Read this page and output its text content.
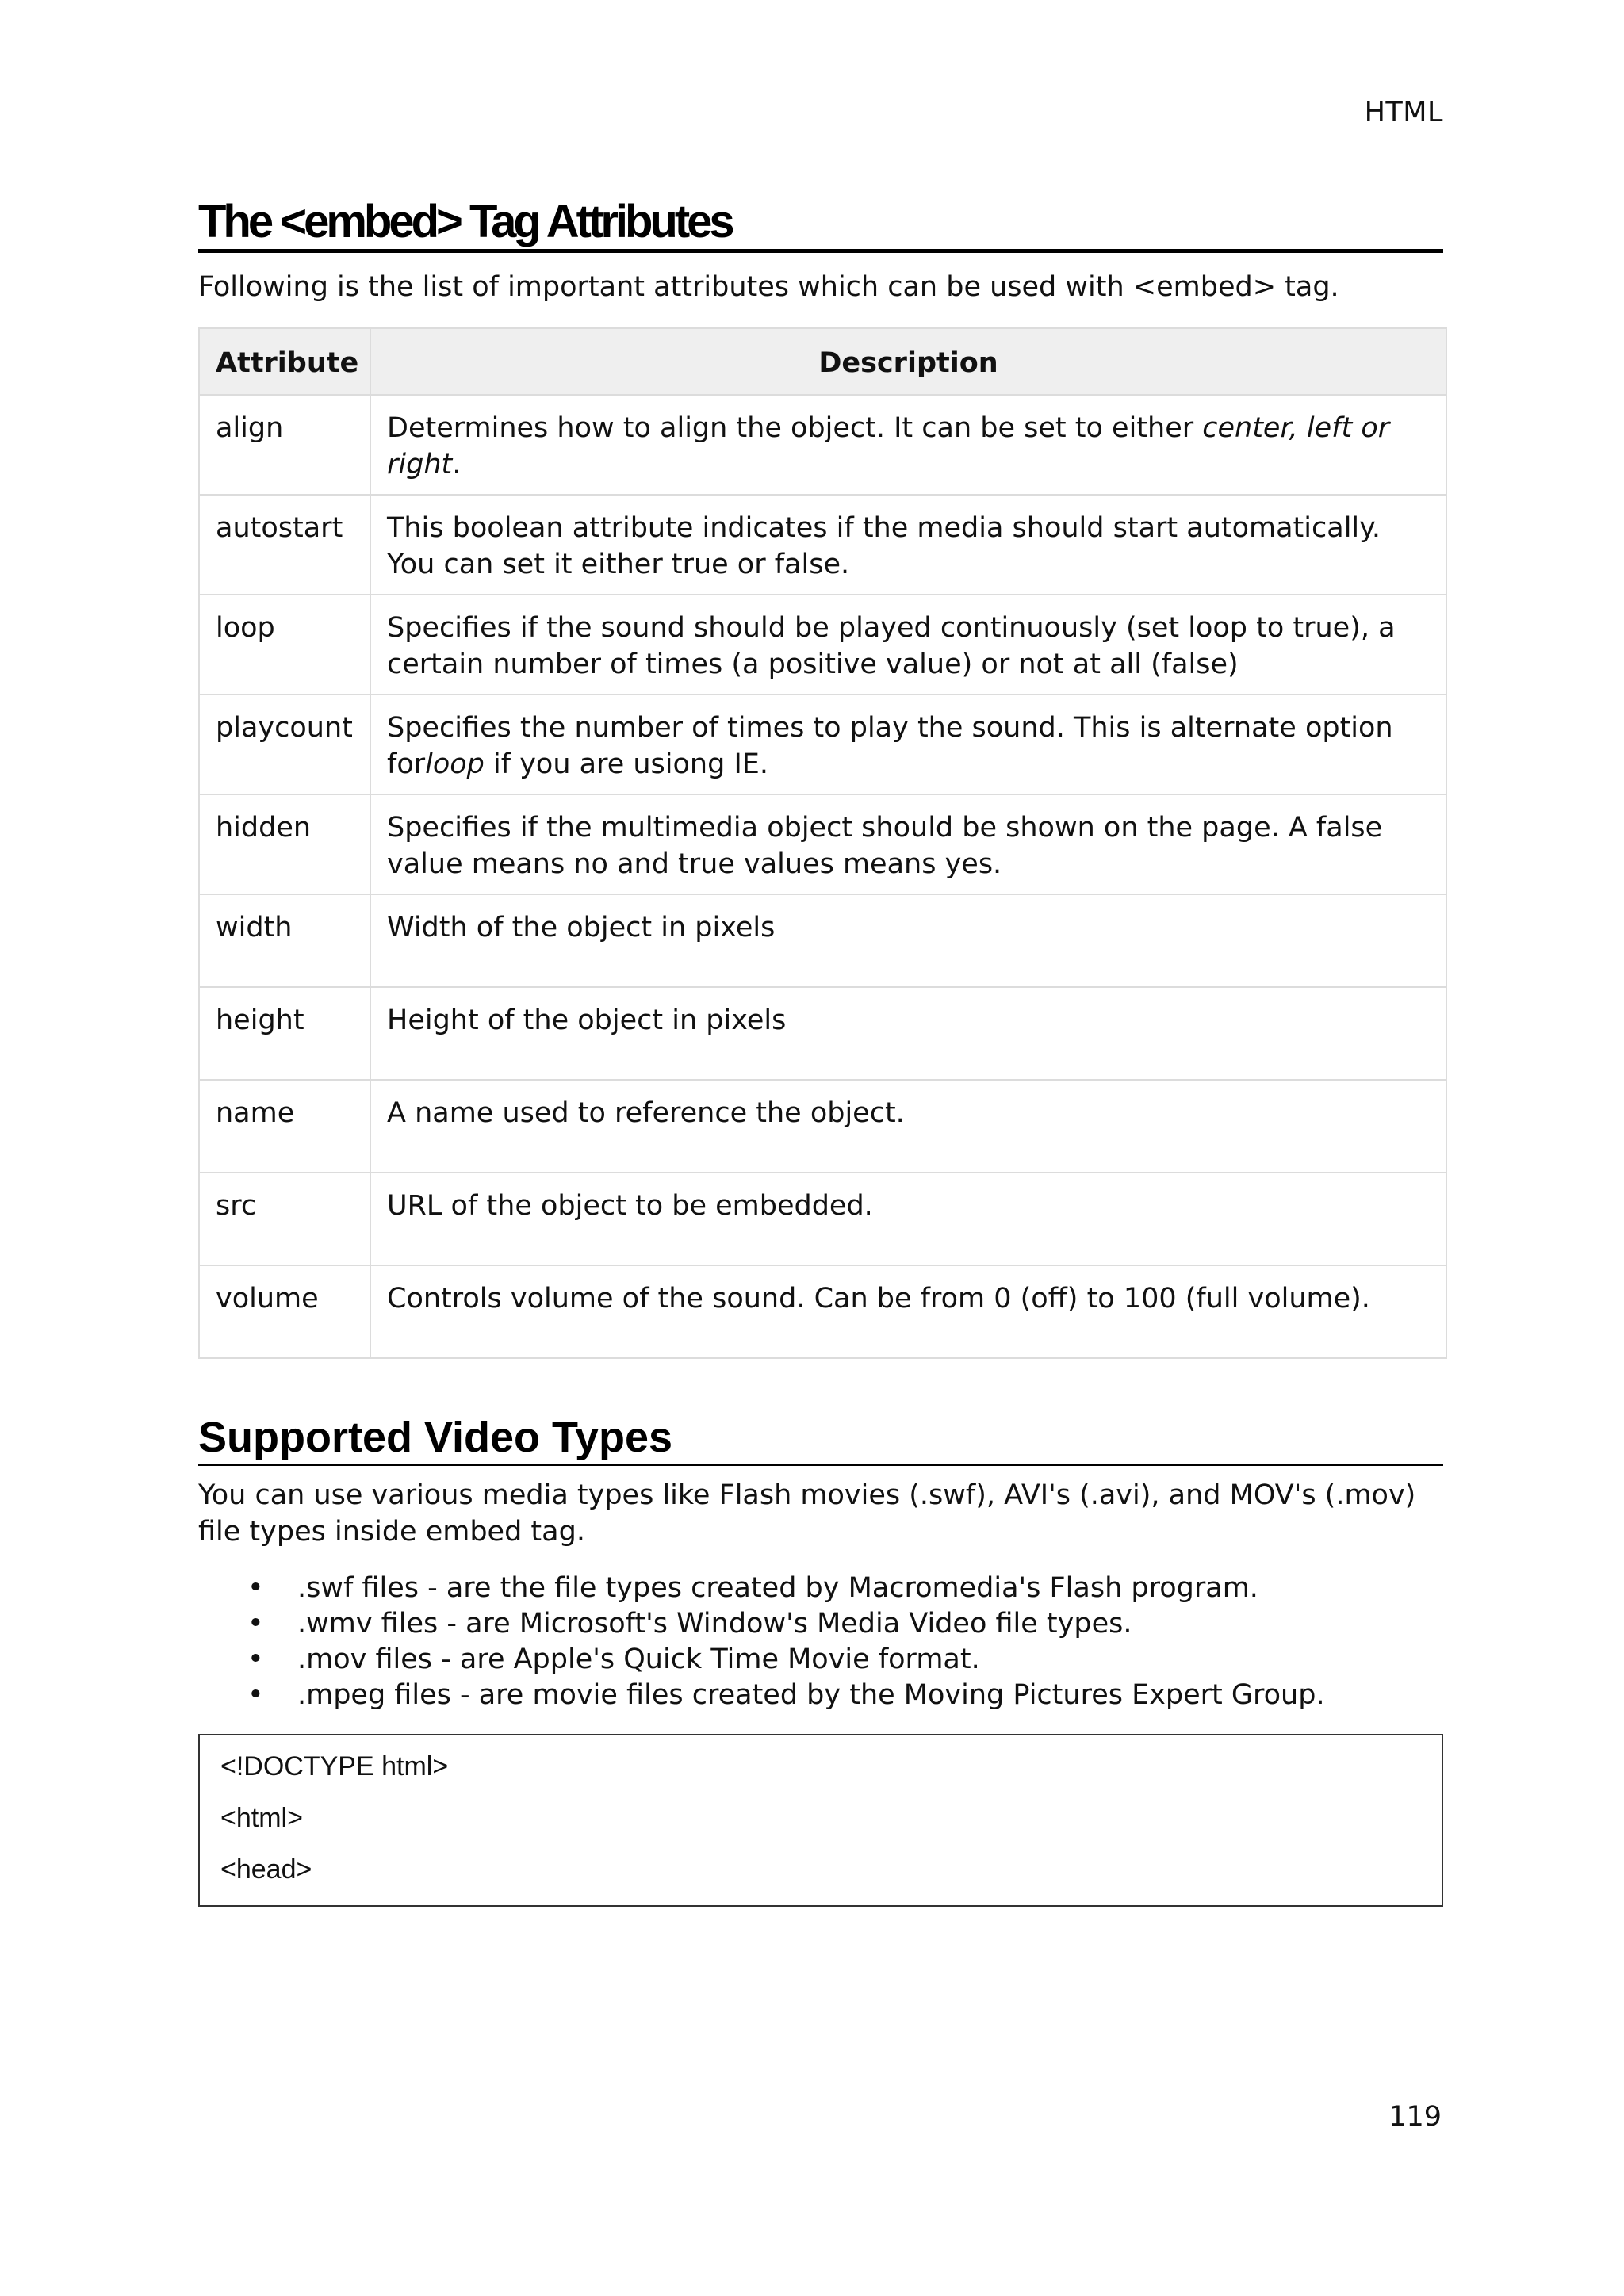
HTML
The <embed> Tag Attributes

Following is the list of important attributes which can be used with <embed> tag.

Attribute	Description
align	Determines how to align the object. It can be set to either center, left or right.
autostart	This boolean attribute indicates if the media should start automatically. You can set it either true or false.
loop	Specifies if the sound should be played continuously (set loop to true), a certain number of times (a positive value) or not at all (false)
playcount	Specifies the number of times to play the sound. This is alternate option forloop if you are usiong IE.
hidden	Specifies if the multimedia object should be shown on the page. A false value means no and true values means yes.
width	Width of the object in pixels
height	Height of the object in pixels
name	A name used to reference the object.
src	URL of the object to be embedded.
volume	Controls volume of the sound. Can be from 0 (off) to 100 (full volume).
Supported Video Types

You can use various media types like Flash movies (.swf), AVI's (.avi), and MOV's (.mov) file types inside embed tag.

• .swf files - are the file types created by Macromedia's Flash program.
• .wmv files - are Microsoft's Window's Media Video file types.
• .mov files - are Apple's Quick Time Movie format.
• .mpeg files - are movie files created by the Moving Pictures Expert Group.
<!DOCTYPE html>
<html>
<head>
119
